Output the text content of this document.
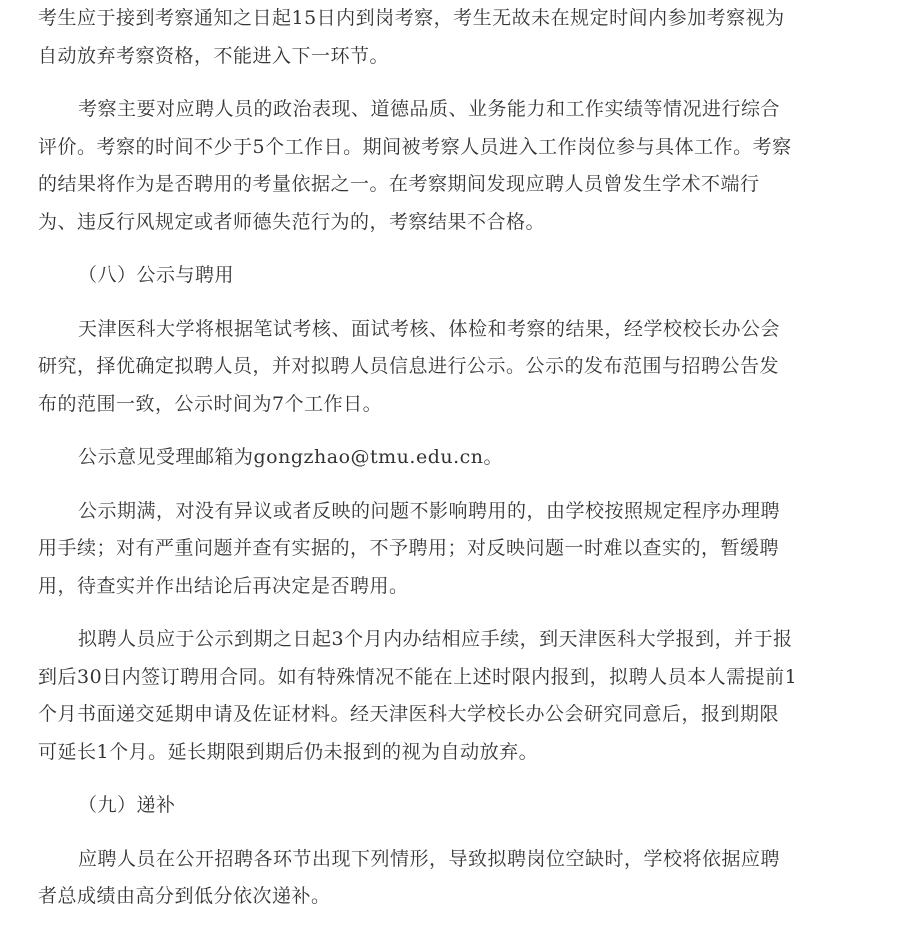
考生应于接到考察通知之日起15日内到岗考察，考生无故未在规定时间内参加考察视为
自动放弃考察资格，不能进入下一环节。
考察主要对应聘人员的政治表现、道德品质、业务能力和工作实绩等情况进行综合
评价。考察的时间不少于5个工作日。期间被考察人员进入工作岗位参与具体工作。考察
的结果将作为是否聘用的考量依据之一。在考察期间发现应聘人员曾发生学术不端行
为、违反行风规定或者师德失范行为的，考察结果不合格。
（八）公示与聘用
天津医科大学将根据笔试考核、面试考核、体检和考察的结果，经学校校长办公会
研究，择优确定拟聘人员，并对拟聘人员信息进行公示。公示的发布范围与招聘公告发
布的范围一致，公示时间为7个工作日。
公示意见受理邮箱为gongzhao@tmu.edu.cn。
公示期满，对没有异议或者反映的问题不影响聘用的，由学校按照规定程序办理聘
用手续；对有严重问题并查有实据的，不予聘用；对反映问题一时难以查实的，暂缓聘
用，待查实并作出结论后再决定是否聘用。
拟聘人员应于公示到期之日起3个月内办结相应手续，到天津医科大学报到，并于报
到后30日内签订聘用合同。如有特殊情况不能在上述时限内报到，拟聘人员本人需提前1
个月书面递交延期申请及佐证材料。经天津医科大学校长办公会研究同意后，报到期限
可延长1个月。延长期限到期后仍未报到的视为自动放弃。
（九）递补
应聘人员在公开招聘各环节出现下列情形，导致拟聘岗位空缺时，学校将依据应聘
者总成绩由高分到低分依次递补。
